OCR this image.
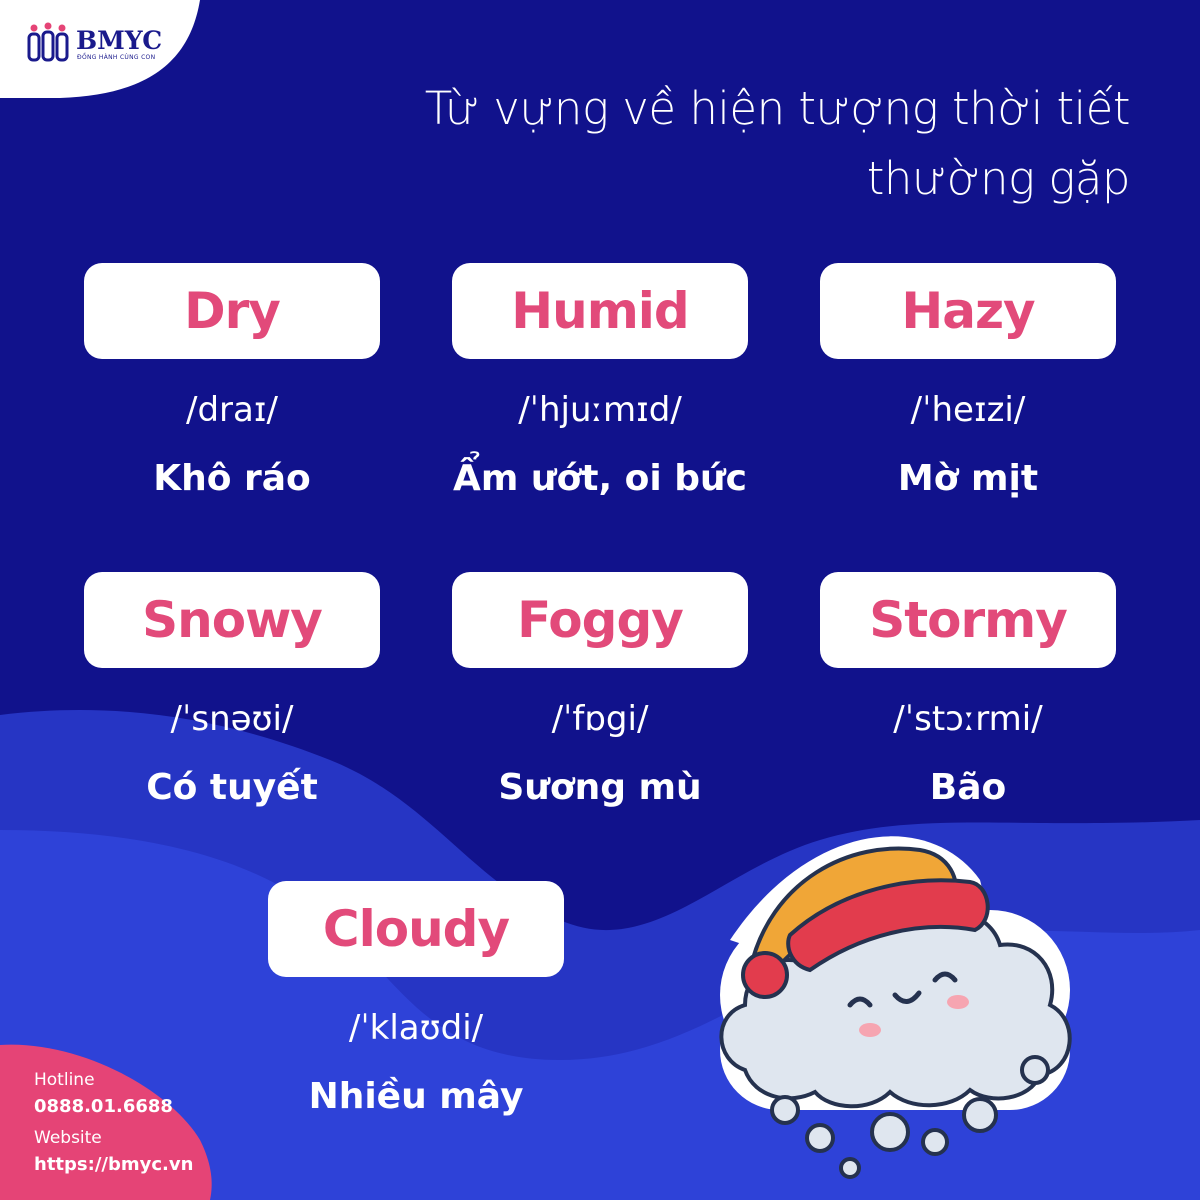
BMYC
ĐỒNG HÀNH CÙNG CON
Từ vựng về hiện tượng thời tiết
thường gặp
Dry
/draɪ/
Khô ráo
Humid
/ˈhjuːmɪd/
Ẩm ướt, oi bức
Hazy
/ˈheɪzi/
Mờ mịt
Snowy
/ˈsnəʊi/
Có tuyết
Foggy
/ˈfɒgi/
Sương mù
Stormy
/ˈstɔːrmi/
Bão
Cloudy
/ˈklaʊdi/
Nhiều mây
Hotline
0888.01.6688
Website
https://bmyc.vn
